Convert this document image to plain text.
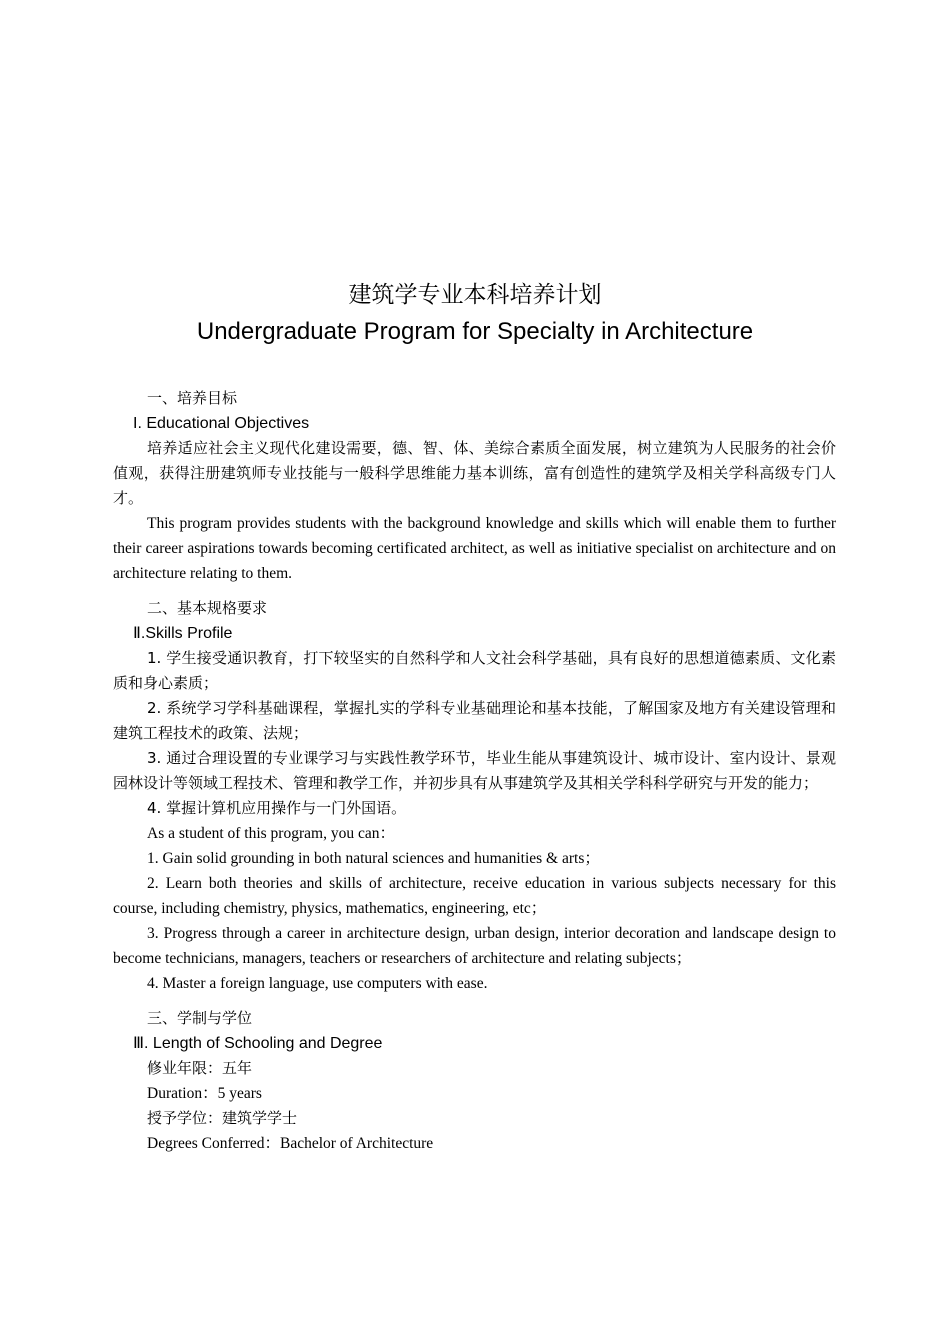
建筑学专业本科培养计划
Undergraduate Program for Specialty in Architecture

一、培养目标

I. Educational Objectives

培养适应社会主义现代化建设需要，德、智、体、美综合素质全面发展，树立建筑为人民服务的社会价值观，获得注册建筑师专业技能与一般科学思维能力基本训练，富有创造性的建筑学及相关学科高级专门人才。

This program provides students with the background knowledge and skills which will enable them to further their career aspirations towards becoming certificated architect, as well as initiative specialist on architecture and on architecture relating to them.

二、基本规格要求

Ⅱ.Skills Profile

1. 学生接受通识教育，打下较坚实的自然科学和人文社会科学基础，具有良好的思想道德素质、文化素质和身心素质；

2. 系统学习学科基础课程，掌握扎实的学科专业基础理论和基本技能，了解国家及地方有关建设管理和建筑工程技术的政策、法规；

3. 通过合理设置的专业课学习与实践性教学环节，毕业生能从事建筑设计、城市设计、室内设计、景观园林设计等领域工程技术、管理和教学工作，并初步具有从事建筑学及其相关学科科学研究与开发的能力；

4. 掌握计算机应用操作与一门外国语。

As a student of this program, you can：

1. Gain solid grounding in both natural sciences and humanities & arts；

2. Learn both theories and skills of architecture, receive education in various subjects necessary for this course, including chemistry, physics, mathematics, engineering, etc；

3. Progress through a career in architecture design, urban design, interior decoration and landscape design to become technicians, managers, teachers or researchers of architecture and relating subjects；

4. Master a foreign language, use computers with ease.

三、学制与学位

Ⅲ. Length of Schooling and Degree

修业年限：五年

Duration：5 years

授予学位：建筑学学士

Degrees Conferred：Bachelor of Architecture
